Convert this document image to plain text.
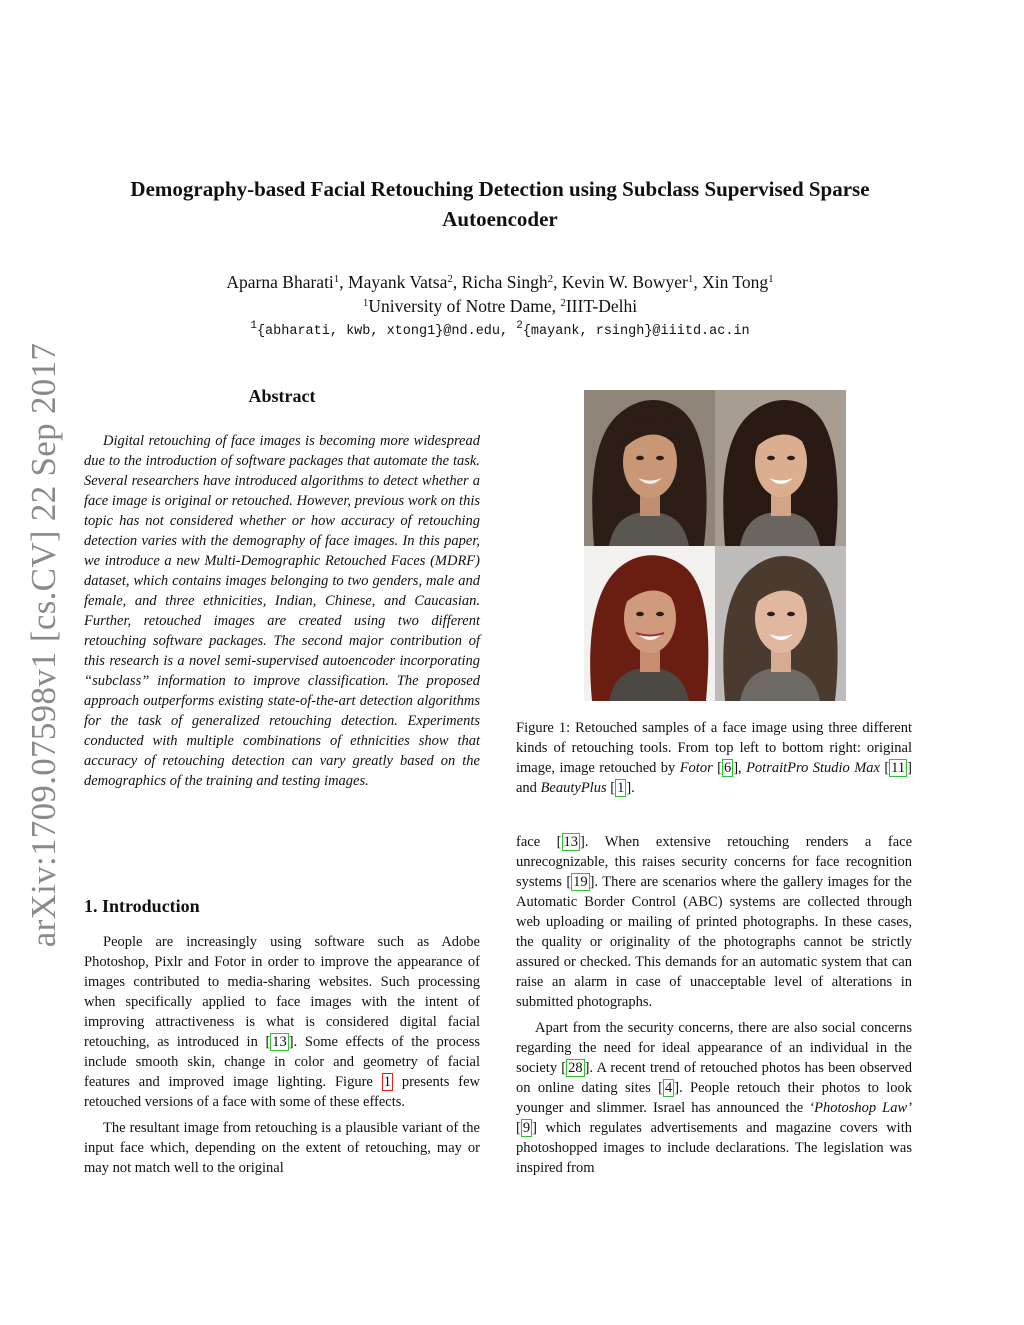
arXiv:1709.07598v1 [cs.CV] 22 Sep 2017
Demography-based Facial Retouching Detection using Subclass Supervised Sparse Autoencoder
Aparna Bharati$^1$, Mayank Vatsa$^2$, Richa Singh$^2$, Kevin W. Bowyer$^1$, Xin Tong$^1$
$^1$University of Notre Dame, $^2$IIIT-Delhi
$^1${abharati, kwb, xtong1}@nd.edu, $^2${mayank, rsingh}@iiitd.ac.in
Abstract
Digital retouching of face images is becoming more widespread due to the introduction of software packages that automate the task. Several researchers have introduced algorithms to detect whether a face image is original or retouched. However, previous work on this topic has not considered whether or how accuracy of retouching detection varies with the demography of face images. In this paper, we introduce a new Multi-Demographic Retouched Faces (MDRF) dataset, which contains images belonging to two genders, male and female, and three ethnicities, Indian, Chinese, and Caucasian. Further, retouched images are created using two different retouching software packages. The second major contribution of this research is a novel semi-supervised autoencoder incorporating “subclass” information to improve classification. The proposed approach outperforms existing state-of-the-art detection algorithms for the task of generalized retouching detection. Experiments conducted with multiple combinations of ethnicities show that accuracy of retouching detection can vary greatly based on the demographics of the training and testing images.
1. Introduction

People are increasingly using software such as Adobe Photoshop, Pixlr and Fotor in order to improve the appearance of images contributed to media-sharing websites. Such processing when specifically applied to face images with the intent of improving attractiveness is what is considered digital facial retouching, as introduced in [ 13 ]. Some effects of the process include smooth skin, change in color and geometry of facial features and improved image lighting. Figure 1 presents few retouched versions of a face with some of these effects.

The resultant image from retouching is a plausible variant of the input face which, depending on the extent of retouching, may or may not match well to the original

Figure 1: Retouched samples of a face image using three different kinds of retouching tools. From top left to bottom right: original image, image retouched by Fotor [ 6 ], PotraitPro Studio Max [ 11 ] and BeautyPlus [ 1 ].

face [ 13 ]. When extensive retouching renders a face unrecognizable, this raises security concerns for face recognition systems [ 19 ]. There are scenarios where the gallery images for the Automatic Border Control (ABC) systems are collected through web uploading or mailing of printed photographs. In these cases, the quality or originality of the photographs cannot be strictly assured or checked. This demands for an automatic system that can raise an alarm in case of unacceptable level of alterations in submitted photographs.

Apart from the security concerns, there are also social concerns regarding the need for ideal appearance of an individual in the society [ 28 ]. A recent trend of retouched photos has been observed on online dating sites [ 4 ]. People retouch their photos to look younger and slimmer. Israel has announced the ‘Photoshop Law’ [ 9 ] which regulates advertisements and magazine covers with photoshopped images to include declarations. The legislation was inspired from
